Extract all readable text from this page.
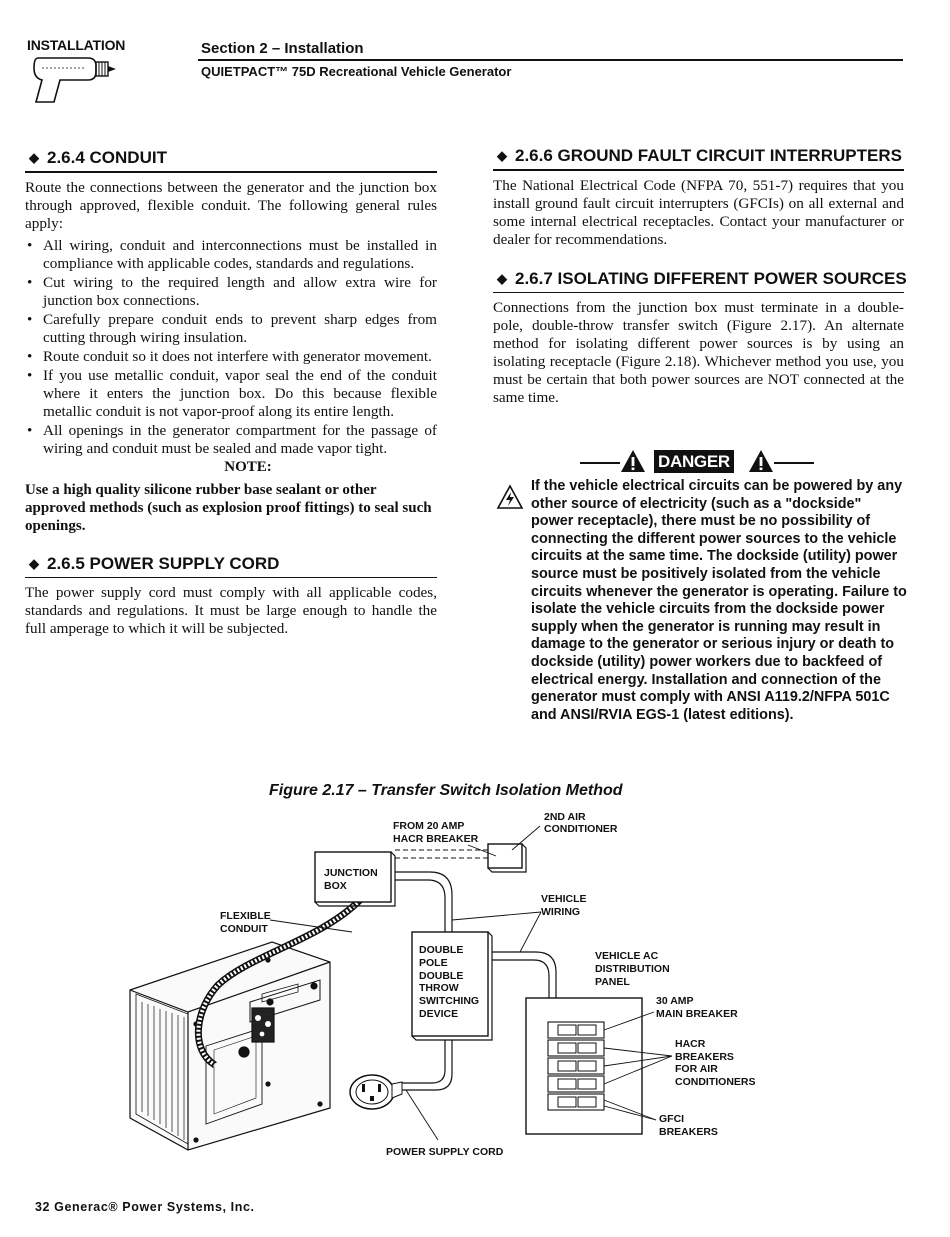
INSTALLATION	Section 2 – Installation
QUIETPACT™ 75D Recreational Vehicle Generator
◆ 2.6.4 CONDUIT
Route the connections between the generator and the junction box through approved, flexible conduit. The following general rules apply:
• All wiring, conduit and interconnections must be installed in compliance with applicable codes, standards and regulations.
• Cut wiring to the required length and allow extra wire for junction box connections.
• Carefully prepare conduit ends to prevent sharp edges from cutting through wiring insulation.
• Route conduit so it does not interfere with generator movement.
• If you use metallic conduit, vapor seal the end of the conduit where it enters the junction box. Do this because flexible metallic conduit is not vapor-proof along its entire length.
• All openings in the generator compartment for the passage of wiring and conduit must be sealed and made vapor tight.
NOTE:
Use a high quality silicone rubber base sealant or other approved methods (such as explosion proof fittings) to seal such openings.
◆ 2.6.5 POWER SUPPLY CORD
The power supply cord must comply with all applicable codes, standards and regulations. It must be large enough to handle the full amperage to which it will be subjected.
◆ 2.6.6 GROUND FAULT CIRCUIT INTERRUPTERS
The National Electrical Code (NFPA 70, 551-7) requires that you install ground fault circuit interrupters (GFCIs) on all external and some internal electrical receptacles. Contact your manufacturer or dealer for recommendations.
◆ 2.6.7 ISOLATING DIFFERENT POWER SOURCES
Connections from the junction box must terminate in a double-pole, double-throw transfer switch (Figure 2.17). An alternate method for isolating different power sources is by using an isolating receptacle (Figure 2.18). Whichever method you use, you must be certain that both power sources are NOT connected at the same time.
DANGER
If the vehicle electrical circuits can be powered by any other source of electricity (such as a "dockside" power receptacle), there must be no possibility of connecting the different power sources to the vehicle circuits at the same time. The dockside (utility) power source must be positively isolated from the vehicle circuits whenever the generator is operating. Failure to isolate the vehicle circuits from the dockside power supply when the generator is running may result in damage to the generator or serious injury or death to dockside (utility) power workers due to backfeed of electrical energy. Installation and connection of the generator must comply with ANSI A119.2/NFPA 501C and ANSI/RVIA EGS-1 (latest editions).
Figure 2.17 – Transfer Switch Isolation Method
FROM 20 AMP
HACR BREAKER
2ND AIR
CONDITIONER
JUNCTION
BOX
VEHICLE
WIRING
FLEXIBLE
CONDUIT
DOUBLE
POLE
DOUBLE
THROW
SWITCHING
DEVICE
VEHICLE AC
DISTRIBUTION
PANEL
30 AMP
MAIN BREAKER
HACR
BREAKERS
FOR AIR
CONDITIONERS
GFCI
BREAKERS
POWER SUPPLY CORD
32 Generac® Power Systems, Inc.
